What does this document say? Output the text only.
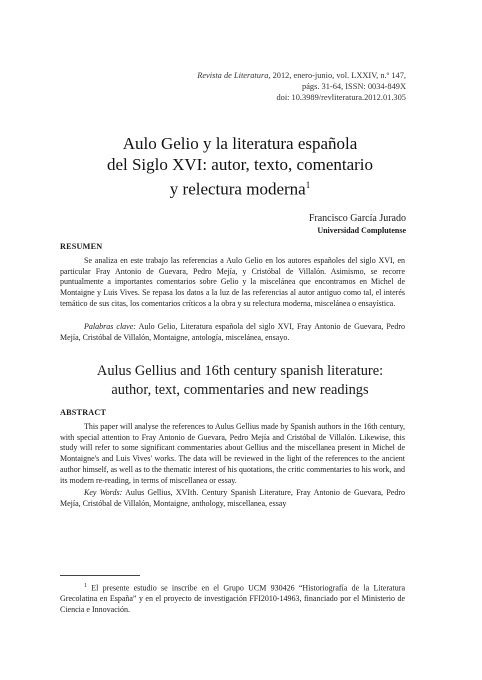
Revista de Literatura, 2012, enero-junio, vol. LXXIV, n.º 147,
págs. 31-64, ISSN: 0034-849X
doi: 10.3989/revliteratura.2012.01.305
Aulo Gelio y la literatura española
del Siglo XVI: autor, texto, comentario
y relectura moderna$^1$
Francisco García Jurado
Universidad Complutense
RESUMEN
Se analiza en este trabajo las referencias a Aulo Gelio en los autores españoles del siglo XVI, en particular Fray Antonio de Guevara, Pedro Mejía, y Cristóbal de Villalón. Asimismo, se recorre puntualmente a importantes comentarios sobre Gelio y la miscelánea que encontramos en Michel de Montaigne y Luis Vives. Se repasa los datos a la luz de las referencias al autor antiguo como tal, el interés temático de sus citas, los comentarios críticos a la obra y su relectura moderna, miscelánea o ensayística.
Palabras clave: Aulo Gelio, Literatura española del siglo XVI, Fray Antonio de Guevara, Pedro Mejía, Cristóbal de Villalón, Montaigne, antología, miscelánea, ensayo.
Aulus Gellius and 16th century spanish literature:
author, text, commentaries and new readings
ABSTRACT
This paper will analyse the references to Aulus Gellius made by Spanish authors in the 16th century, with special attention to Fray Antonio de Guevara, Pedro Mejía and Cristóbal de Villalón. Likewise, this study will refer to some significant commentaries about Gellius and the miscellanea present in Michel de Montaigne's and Luis Vives' works. The data will be reviewed in the light of the references to the ancient author himself, as well as to the thematic interest of his quotations, the critic commentaries to his work, and its modern re-reading, in terms of miscellanea or essay.
Key Words: Aulus Gellius, XVIth. Century Spanish Literature, Fray Antonio de Guevara, Pedro Mejía, Cristóbal de Villalón, Montaigne, anthology, miscellanea, essay
$^1$ El presente estudio se inscribe en el Grupo UCM 930426 “Historiografía de la Literatura Grecolatina en España” y en el proyecto de investigación FFI2010-14963, financiado por el Ministerio de Ciencia e Innovación.
